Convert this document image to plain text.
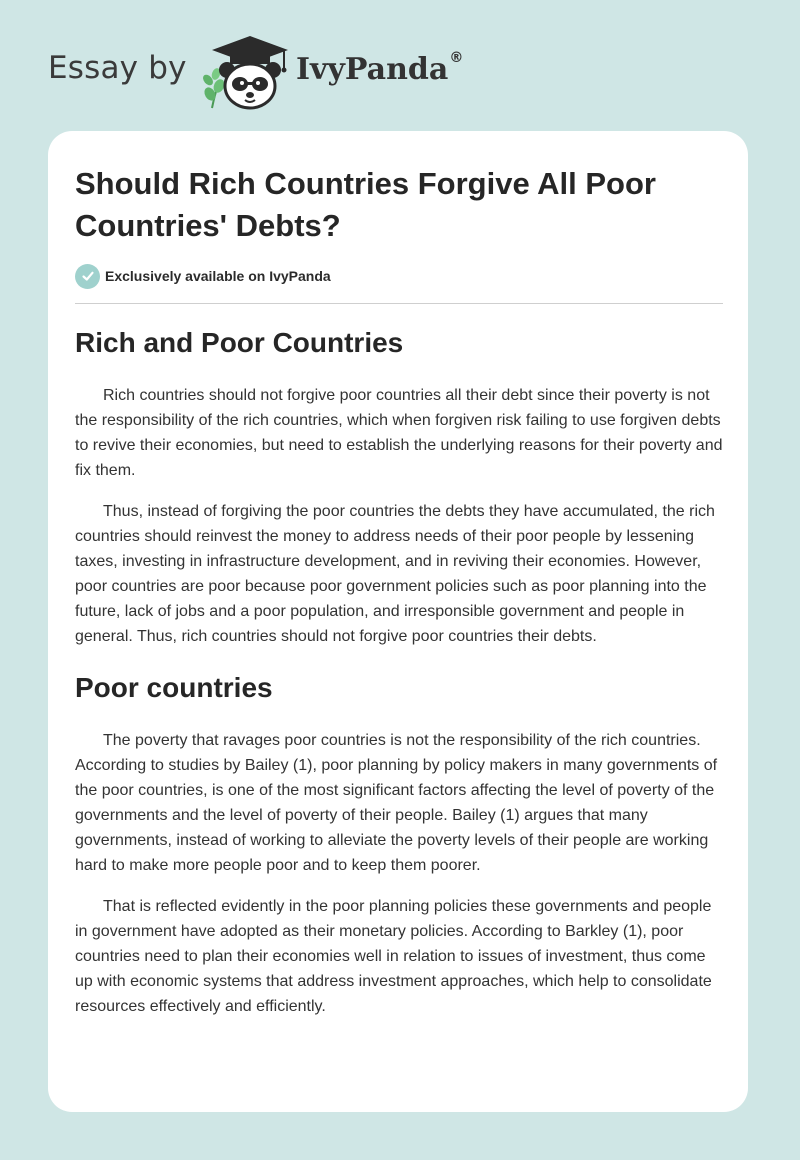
Essay by	IvyPanda®
Should Rich Countries Forgive All Poor Countries' Debts?
Exclusively available on IvyPanda
Rich and Poor Countries

Rich countries should not forgive poor countries all their debt since their poverty is not the responsibility of the rich countries, which when forgiven risk failing to use forgiven debts to revive their economies, but need to establish the underlying reasons for their poverty and fix them.

Thus, instead of forgiving the poor countries the debts they have accumulated, the rich countries should reinvest the money to address needs of their poor people by lessening taxes, investing in infrastructure development, and in reviving their economies. However, poor countries are poor because poor government policies such as poor planning into the future, lack of jobs and a poor population, and irresponsible government and people in general. Thus, rich countries should not forgive poor countries their debts.

Poor countries

The poverty that ravages poor countries is not the responsibility of the rich countries. According to studies by Bailey (1), poor planning by policy makers in many governments of the poor countries, is one of the most significant factors affecting the level of poverty of the governments and the level of poverty of their people. Bailey (1) argues that many governments, instead of working to alleviate the poverty levels of their people are working hard to make more people poor and to keep them poorer.

That is reflected evidently in the poor planning policies these governments and people in government have adopted as their monetary policies. According to Barkley (1), poor countries need to plan their economies well in relation to issues of investment, thus come up with economic systems that address investment approaches, which help to consolidate resources effectively and efficiently.
